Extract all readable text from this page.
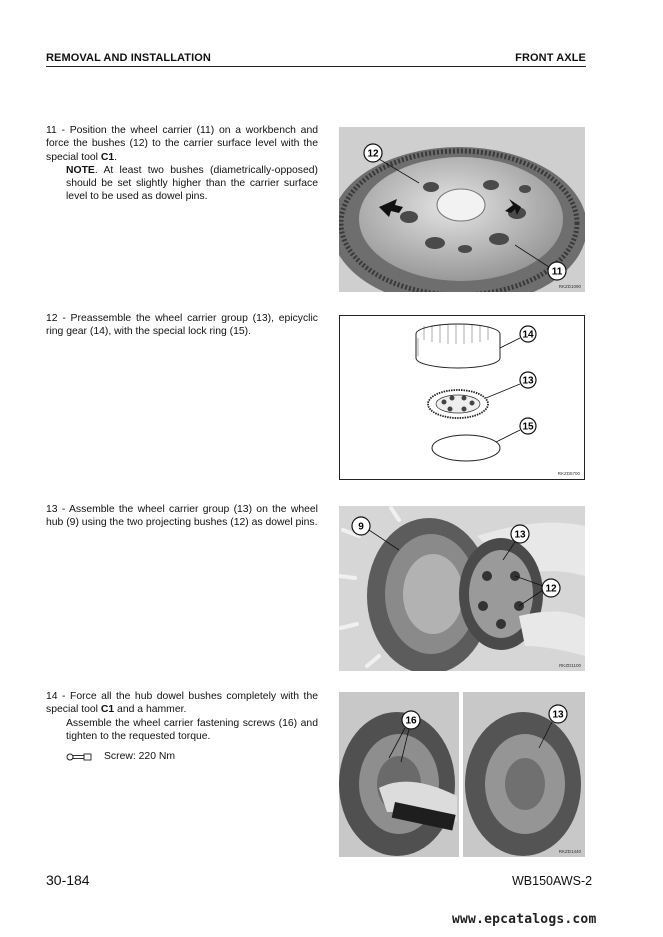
REMOVAL AND INSTALLATION	FRONT AXLE

11 - Position the wheel carrier (11) on a workbench and force the bushes (12) to the carrier surface level with the special tool C1.

NOTE. At least two bushes (diametrically-opposed) should be set slightly higher than the carrier surface level to be used as dowel pins.

12 - Preassemble the wheel carrier group (13), epicyclic ring gear (14), with the special lock ring (15).

13 - Assemble the wheel carrier group (13) on the wheel hub (9) using the two projecting bushes (12) as dowel pins.

14 - Force all the hub dowel bushes completely with the special tool C1 and a hammer.

Assemble the wheel carrier fastening screws (16) and tighten to the requested torque.

Screw: 220 Nm
12
11
RKZD1090
14
13
15
RKZD5700
9
13
12
RKZD1100
16
13
RKZD1440
30-184	WB150AWS-2
www.epcatalogs.com
